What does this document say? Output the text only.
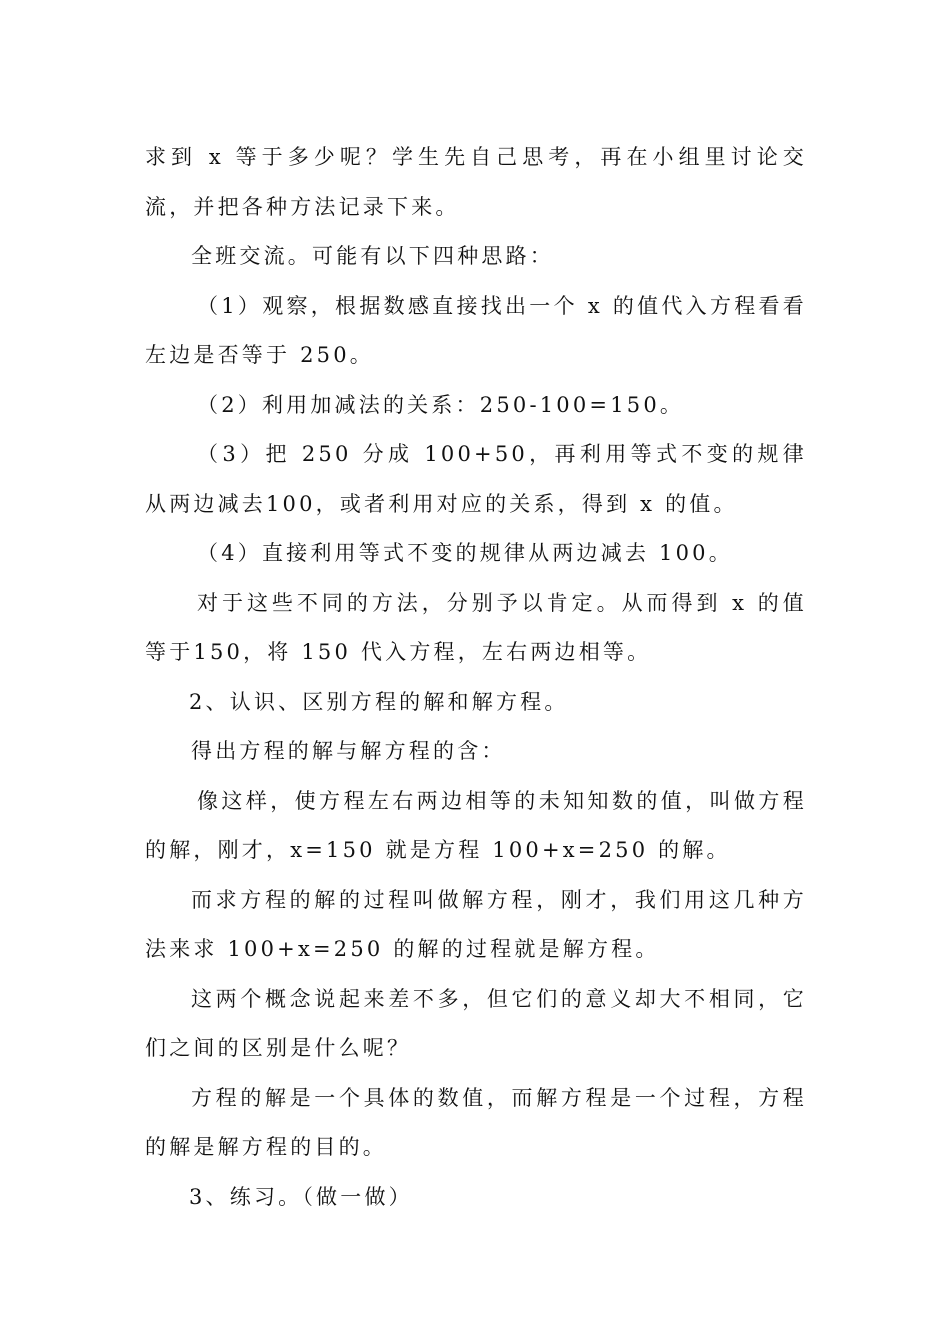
求到 x 等于多少呢？学生先自己思考，再在小组里讨论交流，并把各种方法记录下来。

全班交流。可能有以下四种思路：

（1）观察，根据数感直接找出一个 x 的值代入方程看看左边是否等于 250。

（2）利用加减法的关系：250-100=150。

（3）把 250 分成 100+50，再利用等式不变的规律从两边减去100，或者利用对应的关系，得到 x 的值。

（4）直接利用等式不变的规律从两边减去 100。

对于这些不同的方法，分别予以肯定。从而得到 x 的值等于150，将 150 代入方程，左右两边相等。

2、认识、区别方程的解和解方程。

得出方程的解与解方程的含：

像这样，使方程左右两边相等的未知知数的值，叫做方程的解，刚才，x=150 就是方程 100+x=250 的解。

而求方程的解的过程叫做解方程，刚才，我们用这几种方法来求 100+x=250 的解的过程就是解方程。

这两个概念说起来差不多，但它们的意义却大不相同，它们之间的区别是什么呢？

方程的解是一个具体的数值，而解方程是一个过程，方程的解是解方程的目的。

3、练习。（做一做）
